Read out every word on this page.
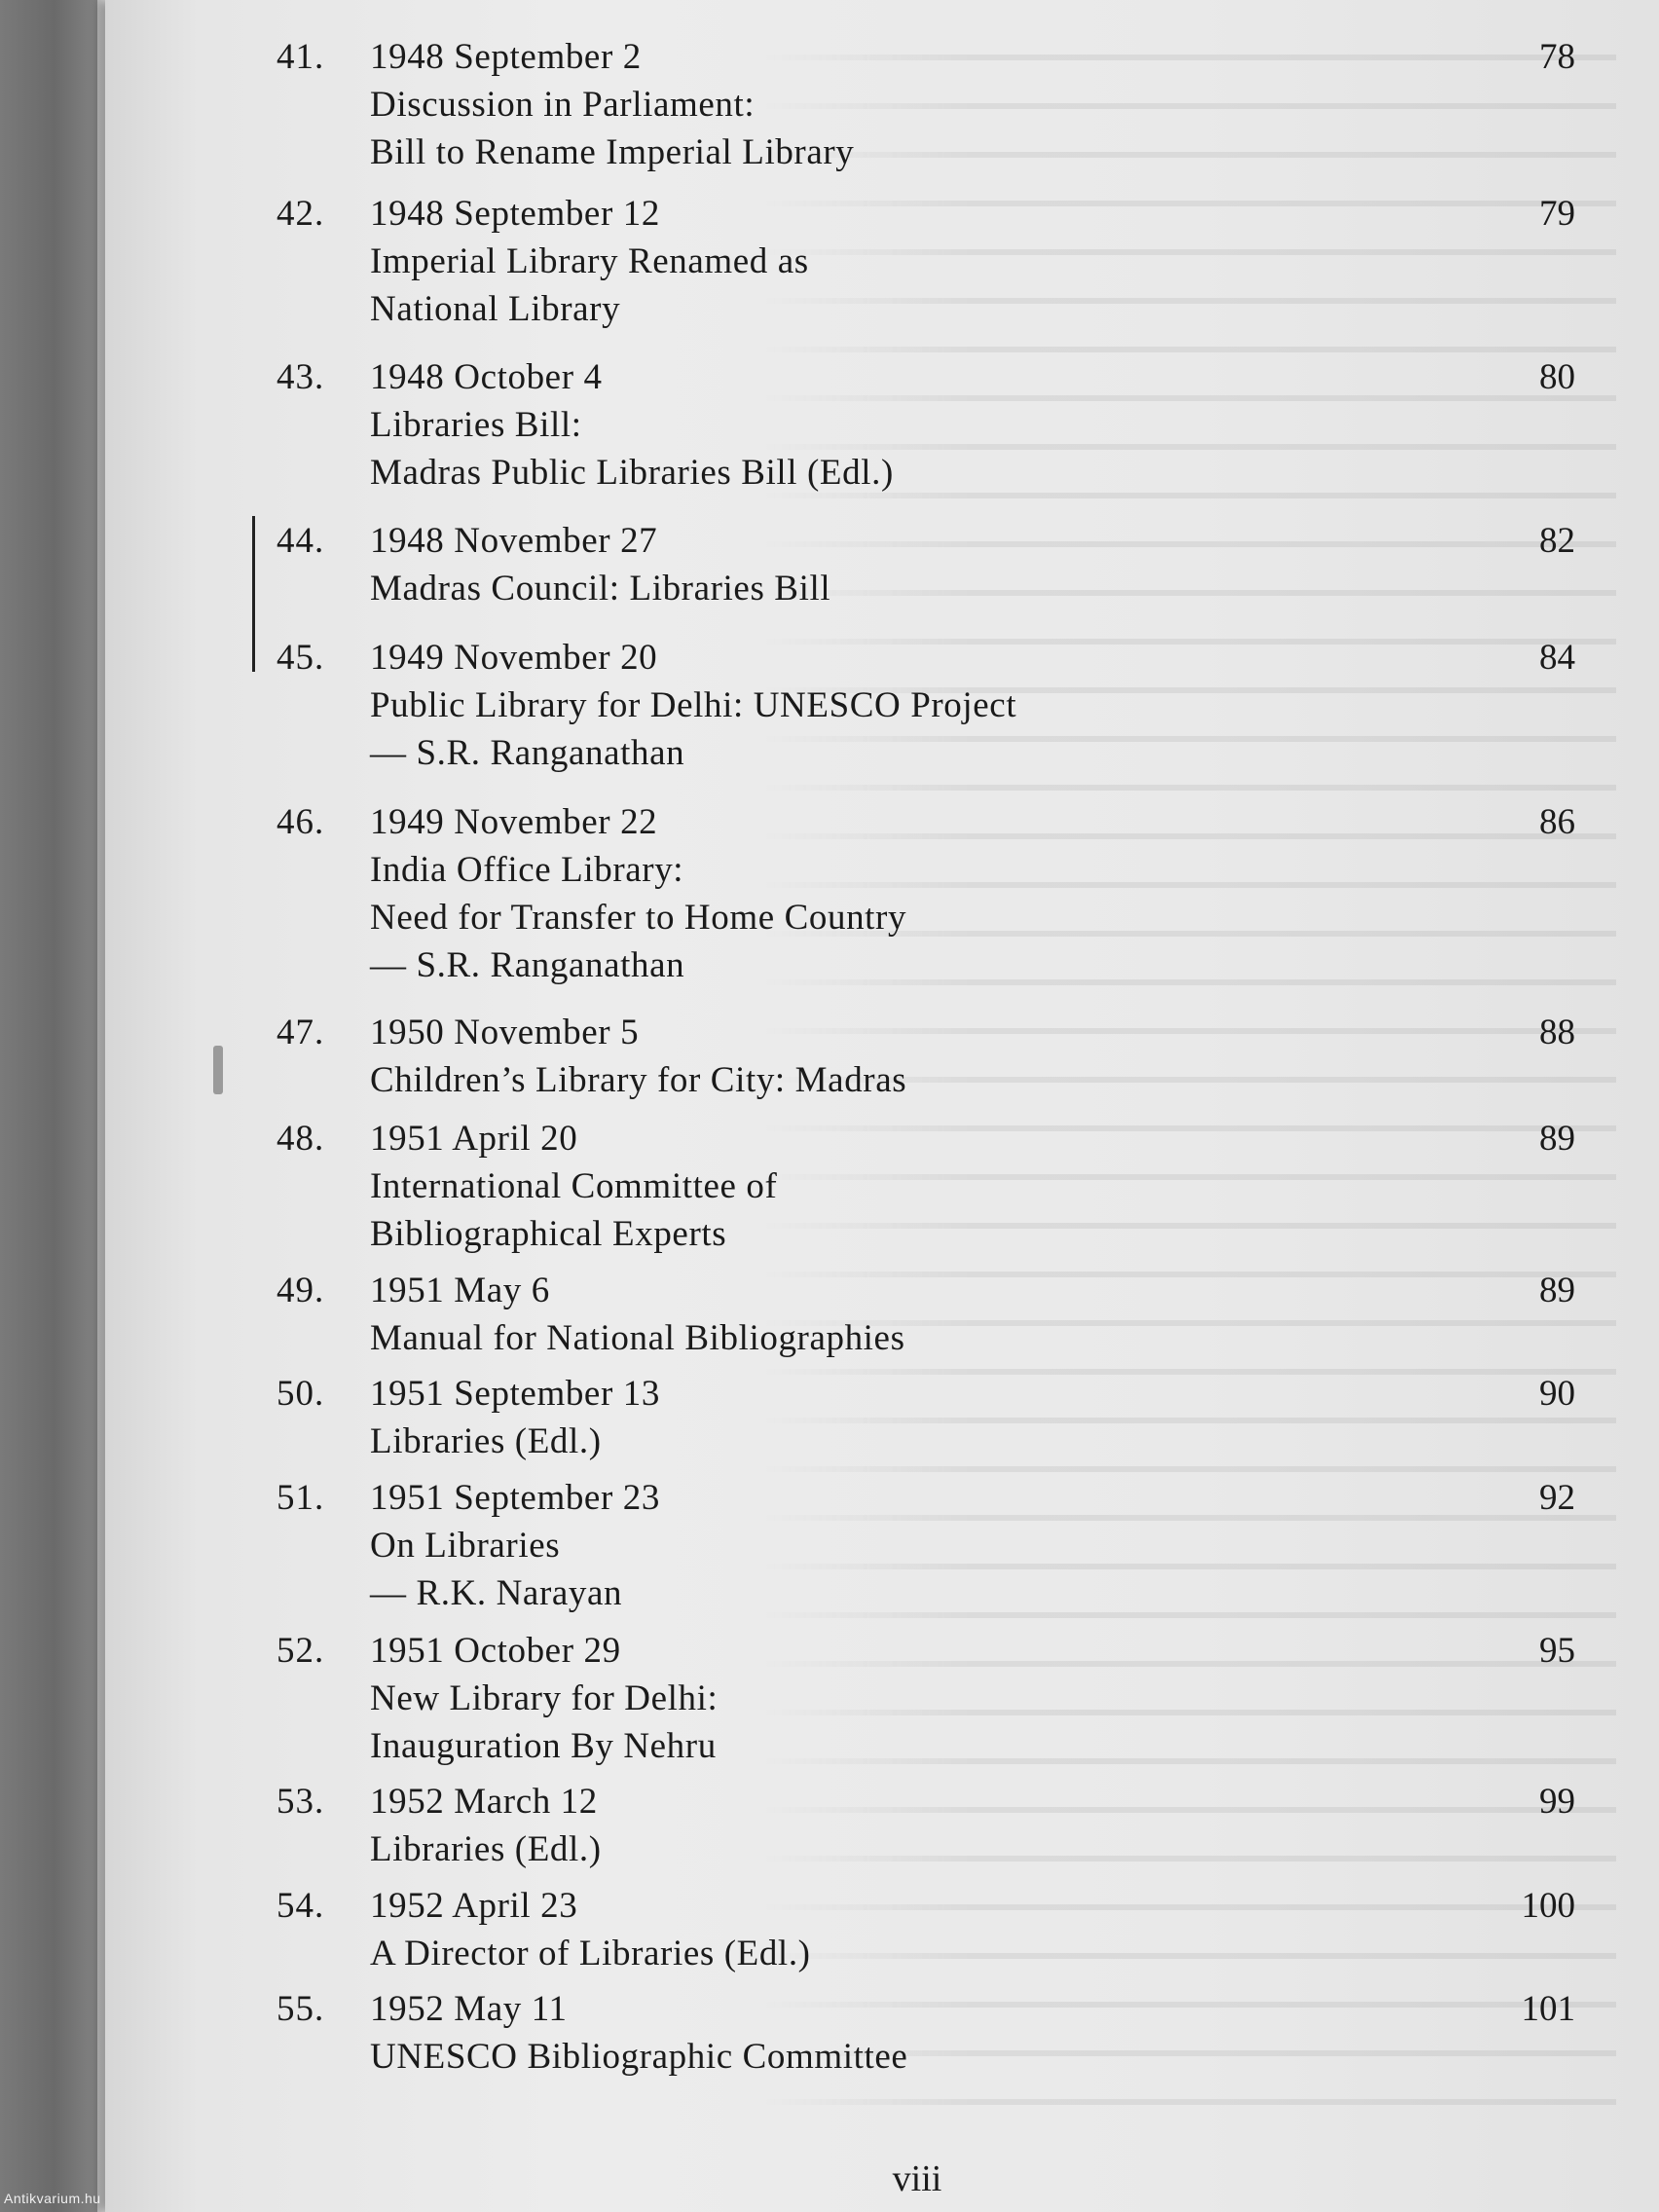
41. 1948 September 2
Discussion in Parliament:
Bill to Rename Imperial Library
78
42. 1948 September 12
Imperial Library Renamed as
National Library
79
43. 1948 October 4
Libraries Bill:
Madras Public Libraries Bill (Edl.)
80
44. 1948 November 27
Madras Council: Libraries Bill
82
45. 1949 November 20
Public Library for Delhi: UNESCO Project
— S.R. Ranganathan
84
46. 1949 November 22
India Office Library:
Need for Transfer to Home Country
— S.R. Ranganathan
86
47. 1950 November 5
Children’s Library for City: Madras
88
48. 1951 April 20
International Committee of
Bibliographical Experts
89
49. 1951 May 6
Manual for National Bibliographies
89
50. 1951 September 13
Libraries (Edl.)
90
51. 1951 September 23
On Libraries
— R.K. Narayan
92
52. 1951 October 29
New Library for Delhi:
Inauguration By Nehru
95
53. 1952 March 12
Libraries (Edl.)
99
54. 1952 April 23
A Director of Libraries (Edl.)
100
55. 1952 May 11
UNESCO Bibliographic Committee
101
viii
Antikvarium.hu
